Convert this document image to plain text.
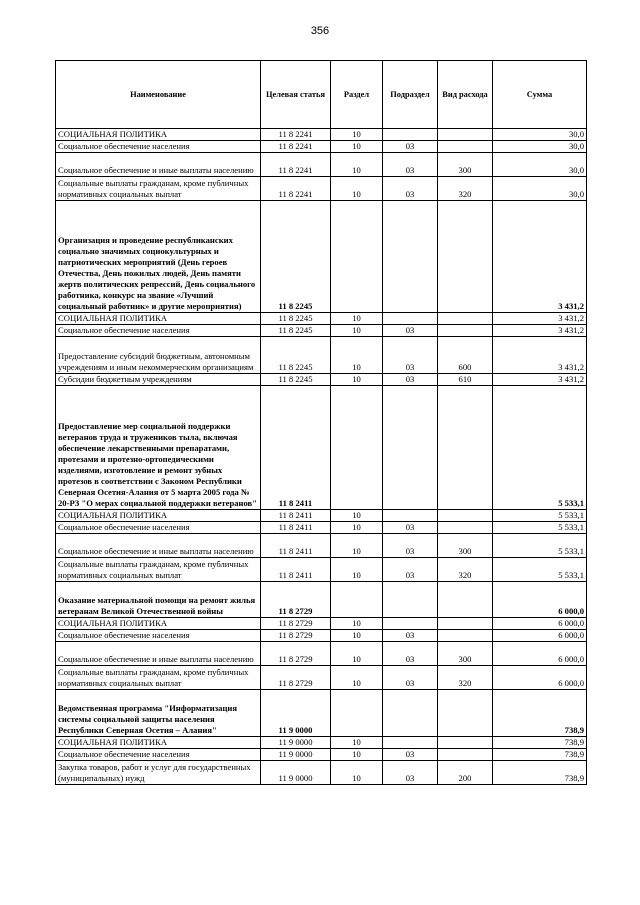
356
Наименование	Целевая статья	Раздел	Подраздел	Вид расхода	Сумма
СОЦИАЛЬНАЯ ПОЛИТИКА	11 8 2241	10			30,0
Социальное обеспечение населения	11 8 2241	10	03		30,0
Социальное обеспечение и иные выплаты населению	11 8 2241	10	03	300	30,0
Социальные выплаты гражданам, кроме публичных нормативных социальных выплат	11 8 2241	10	03	320	30,0
Организация и проведение республиканских социально значимых социокультурных и патриотических мероприятий (День героев Отечества, День пожилых людей, День памяти жертв политических репрессий, День социального работника, конкурс на звание «Лучший социальный работник» и другие мероприятия)	11 8 2245				3 431,2
СОЦИАЛЬНАЯ ПОЛИТИКА	11 8 2245	10			3 431,2
Социальное обеспечение населения	11 8 2245	10	03		3 431,2
Предоставление субсидий бюджетным, автономным учреждениям и иным некоммерческим организациям	11 8 2245	10	03	600	3 431,2
Субсидии бюджетным учреждениям	11 8 2245	10	03	610	3 431,2
Предоставление мер социальной поддержки ветеранов труда и тружеников тыла, включая обеспечение лекарственными препаратами, протезами и протезно-ортопедическими изделиями, изготовление и ремонт зубных протезов в соответствии с Законом Республики Северная Осетия-Алания от 5 марта 2005 года № 20-РЗ "О мерах социальной поддержки ветеранов"	11 8 2411				5 533,1
СОЦИАЛЬНАЯ ПОЛИТИКА	11 8 2411	10			5 533,1
Социальное обеспечение населения	11 8 2411	10	03		5 533,1
Социальное обеспечение и иные выплаты населению	11 8 2411	10	03	300	5 533,1
Социальные выплаты гражданам, кроме публичных нормативных социальных выплат	11 8 2411	10	03	320	5 533,1
Оказание материальной помощи на ремонт жилья ветеранам Великой Отечественной войны	11 8 2729				6 000,0
СОЦИАЛЬНАЯ ПОЛИТИКА	11 8 2729	10			6 000,0
Социальное обеспечение населения	11 8 2729	10	03		6 000,0
Социальное обеспечение и иные выплаты населению	11 8 2729	10	03	300	6 000,0
Социальные выплаты гражданам, кроме публичных нормативных социальных выплат	11 8 2729	10	03	320	6 000,0
Ведомственная программа "Информатизация системы социальной защиты населения Республики Северная Осетия – Алания"	11 9 0000				738,9
СОЦИАЛЬНАЯ ПОЛИТИКА	11 9 0000	10			738,9
Социальное обеспечение населения	11 9 0000	10	03		738,9
Закупка товаров, работ и услуг для государственных (муниципальных) нужд	11 9 0000	10	03	200	738,9
